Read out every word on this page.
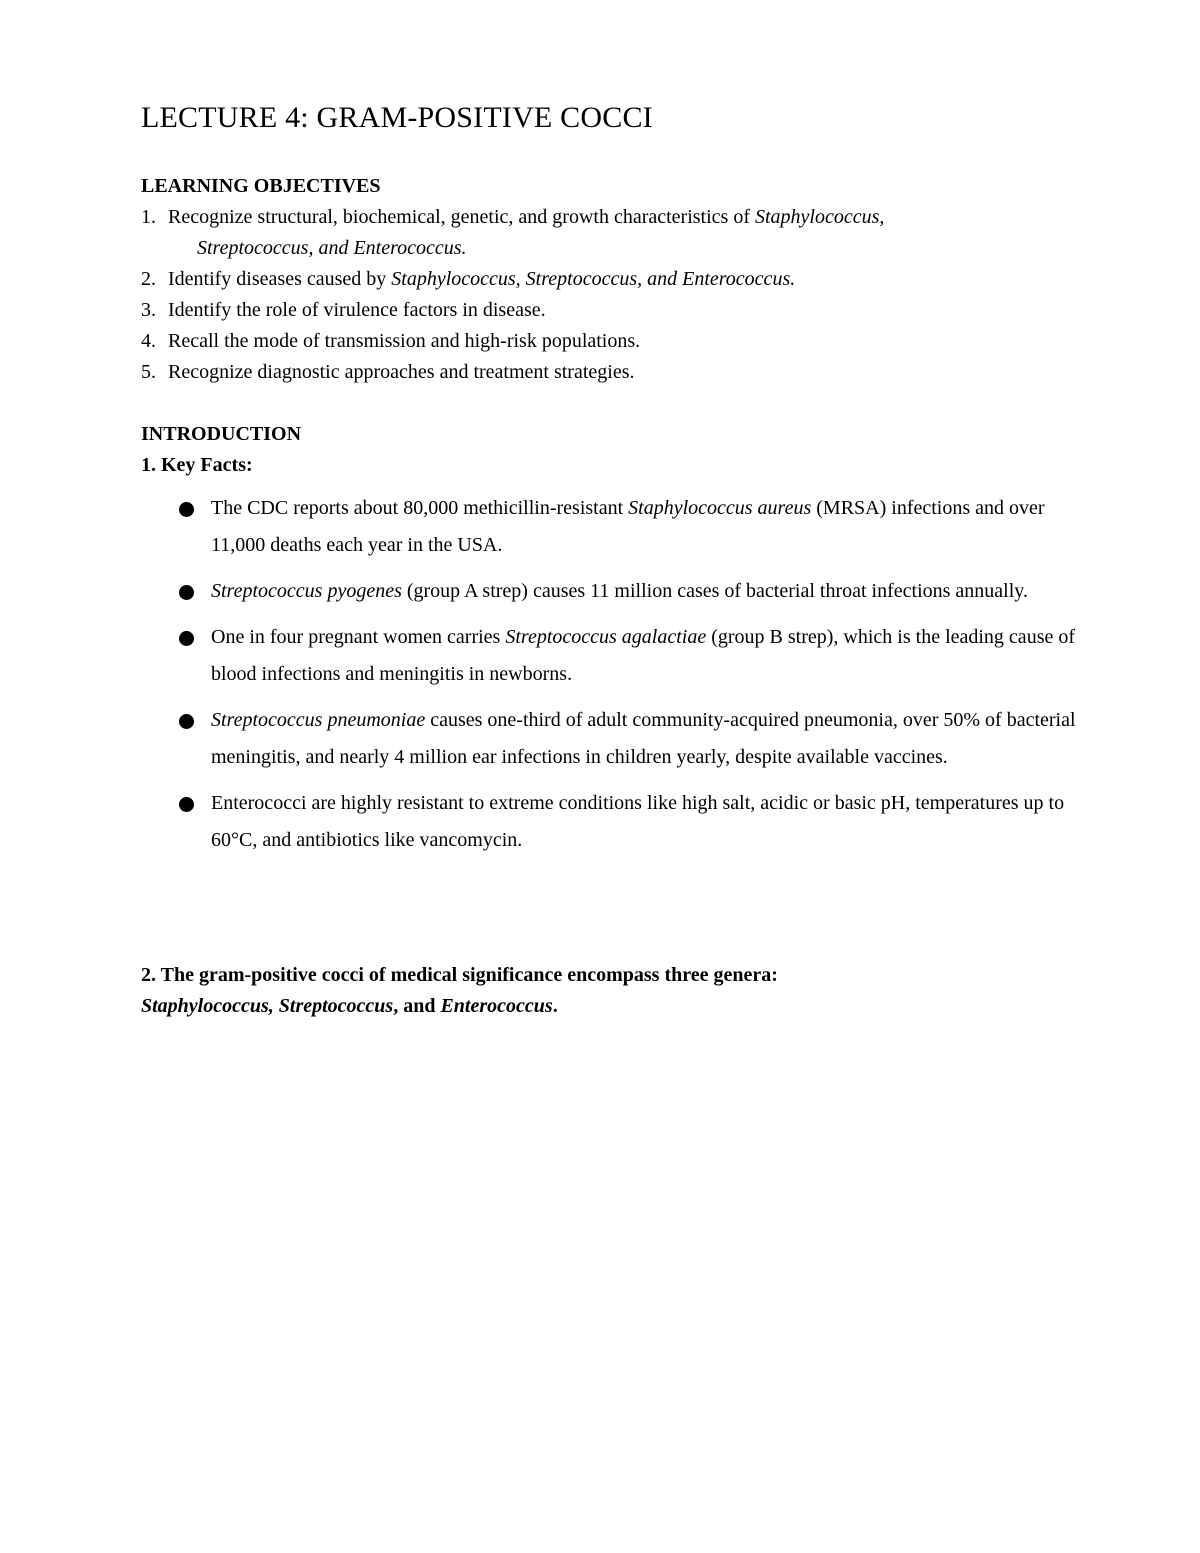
LECTURE 4: GRAM-POSITIVE COCCI
LEARNING OBJECTIVES
1. Recognize structural, biochemical, genetic, and growth characteristics of Staphylococcus,
Streptococcus, and Enterococcus.
2. Identify diseases caused by Staphylococcus, Streptococcus, and Enterococcus.
3. Identify the role of virulence factors in disease.
4. Recall the mode of transmission and high-risk populations.
5. Recognize diagnostic approaches and treatment strategies.
INTRODUCTION
1. Key Facts:
The CDC reports about 80,000 methicillin-resistant Staphylococcus aureus (MRSA) infections and over 11,000 deaths each year in the USA.
Streptococcus pyogenes (group A strep) causes 11 million cases of bacterial throat infections annually.
One in four pregnant women carries Streptococcus agalactiae (group B strep), which is the leading cause of blood infections and meningitis in newborns.
Streptococcus pneumoniae causes one-third of adult community-acquired pneumonia, over 50% of bacterial meningitis, and nearly 4 million ear infections in children yearly, despite available vaccines.
Enterococci are highly resistant to extreme conditions like high salt, acidic or basic pH, temperatures up to 60°C, and antibiotics like vancomycin.
2. The gram-positive cocci of medical significance encompass three genera:
Staphylococcus, Streptococcus, and Enterococcus.
